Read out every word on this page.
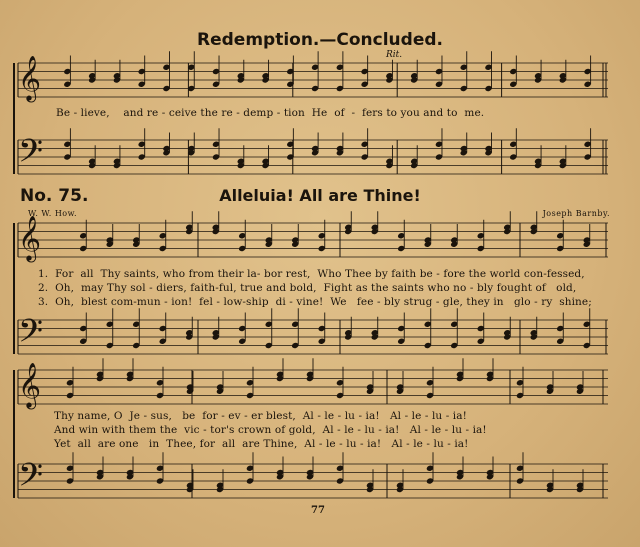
𝄞
𝄢
𝄞
𝄢
𝄞
𝄢
Redemption.—Concluded.
Rit.
Be - lieve,    and re - ceive the re - demp - tion  He  of  -  fers to you and to  me.
No. 75.	Alleluia! All are Thine!
W. W. How.	Joseph Barnby.
1.  For  all  Thy saints, who from their la- bor rest,  Who Thee by faith be - fore the world con-fessed,
2.  Oh,  may Thy sol - diers, faith-ful, true and bold,  Fight as the saints who no - bly fought of   old,
3.  Oh,  blest com-mun - ion!  fel - low-ship  di - vine!  We   fee - bly strug - gle, they in   glo - ry  shine;
Thy name, O  Je - sus,   be  for - ev - er blest,  Al - le - lu - ia!   Al - le - lu - ia!
And win with them the  vic - tor's crown of gold,  Al - le - lu - ia!   Al - le - lu - ia!
Yet  all  are one   in  Thee, for  all  are Thine,  Al - le - lu - ia!   Al - le - lu - ia!
77
